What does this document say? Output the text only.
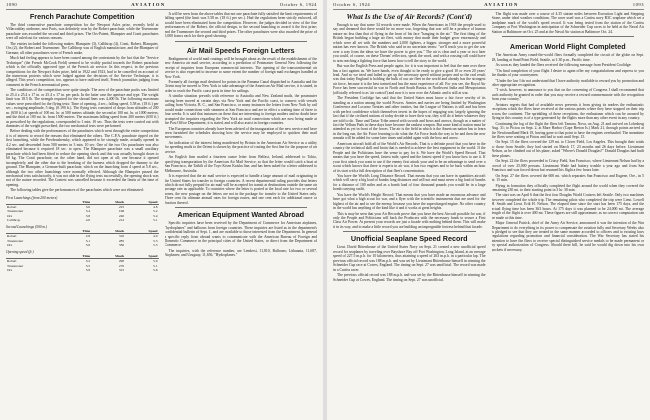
1090	AVIATION	October 6, 1924
French Parachute Competition

The third consecutive parachute competition for the Newport Asles prize, recently held at Villacoublay airdrome, near Paris, was definitely won by the Robert parachute, while the Truennoner parachute was awarded the second and third prizes. The Ors-Patent, Blanquier and Conti parachutes were all ruled out for various reasons.

The entries included the following makes: Blanquier (3), Callthrop (4), Conti, Robert, Blanquier, Ors (2), the Robert and Truennoner. The Callthrop was of English manufacture, and the Blanquier of German; all other parachutes were of French make.

Much bad feeling appears to have been caused among the contestants by the fact that the "Service Technique" (the French McCook Field) seemed to be visibly partial towards the Robert parachute which is the officially approved type of the French air service. In this respect, in the previous competitions for the Newport Asles prize, held in 1922 and 1923, had to be cancelled on account of the numerous protests which were lodged against the decisions of the Service Technique, it is alleged. This year's competition, too, appears to have outlived itself, French journalists judging from comment in the French aeronautical press.

The conditions of the competition were quite simple. The area of the parachute packs was limited to 25.4 x 25.4 x 17 in. or 25.4 x 17 in. per pack. In the latter case the aperture and type. The weight limit was 18.5 lb. The strength required for the shroud lines was 4,400 lb. The following maximum values were prescribed for the flying tests: Time of opening, 4 sec.; falling speed, 5.58 m. (18 ft.) per sec.; swinging amplitude, 5 deg. (0.190 ft.). The flying tests consisted of drops from altitudes of 200 m. (650 ft.) at speeds of 100 mi. hr. at 500 meters altitude; the second at 100 mi. hr. at 1000 meters; and the third at 100 mi. hr. from 1500 meters. The maximum falling speed from 200 meters (650 ft.) as prescribed by the regulations, corresponded to 1 min. 10 sec. Thus the tests were carried out with dummies of the weight prescribed, the two mechanical tests were performed.

Before dealing with the performances of the parachutes which went through the entire competition it is of interest to record the reasons that eliminated the others. The C.P.A. parachute ripped on the first launching, while the Preobrazhensky, which appeared to be strongly made, actually opened in 4.2 sec. and descended from 500 meters in 3 min. 10 sec. One of the two Ors parachutes was also eliminated because it required 18 sec. to open. The Blanquier parachute was a small auxiliary parachute which had been fitted to reduce the opening shock and this was actually brought down to 60 kg. The Conti parachute, on the other hand, did not open at all; one because it opened incompletely, and the other due to the breaking of the harness which dropped the dummy to the ground. The Blanquier, a German-built parachute, which on the launching from 4 speed at 5.8 sec., although the two other launchings were normally effected. Although the Blanquier passed the mechanical tests satisfactorily, it was not able in the flying tests successfully, the opening shock was not of the nature recorded. The Contest was cancelled because it exceeded the limits of the time of opening.

The following tables give the performances of the parachutes which were not eliminated:

First Launchings (from 200 meters)
	Time	Shock	Speed
Robert	3.0	225	4.8
Truennoner	3.4	198	5.2
Ors	3.8	240	5.4
Callthrop	4.0	212	5.1
Second Launchings (500 m.)
	Time	Shock	Speed
Robert	2.8	310	4.9
Truennoner	3.1	285	5.3
Ors	3.6	330	5.5
Opening speed (ft.)
	Time	Shock	Speed
Robert	3.2	290	5.0
Truennoner	3.5	270	5.1
Ors	3.9	315	5.6

It will be seen from the above tables that not one parachute fully satisfied the limit requirements of falling speed (the limit was 5.58 m. (18 ft.) per sec.). Had the regulations been strictly enforced, all would have been eliminated from the competition. However, the judges decided in view of the fine performances of the Robert, the official design, to the second launching to award it the first prize; and the Truennoner the second and third prizes. The other parachutes were also awarded the prize of 5,000 francs each for their good showing.

Air Mail Speeds Foreign Letters

Realignment of world mail routings will be brought about as the result of the establishment of the new America air mail service, according to a prediction of Postmaster General New following the receipt of inquiries from European commercial interests. The opening of the transcontinental air service is also expected to increase to some extent the number of foreign mail exchanges handled at New York.

Formerly all foreign mail destined for points in the Panama Canal dispatched to Australia and the Orient may be moved to New York to take advantage of the American Air Mail service, it is stated, in order to reach the Pacific coast ports in time for sailings.

A similar situation prevails with reference to Australia and New Zealand mails, the postmaster having been moved at certain days via New York and the Pacific coast, to connect with vessels sailing from Victoria, B. C., and San Francisco, or many instances the letters from New York by rail would make connections with steamers at San Francisco and are in effect a waiting time of three to four weeks. It is said that instances on these that are interesting to foreign mailers and no doubt have prompted the inquiries regarding the New York air mail connections which are now being made at the Post Office Department, it is stated, and will also assist in foreign countries.

The European countries already have been advised of the inauguration of the new service and have been furnished the schedules showing how the service may be employed to quicken their mail movements.

An indication of the interest being manifested by Britain in the American Air Service as a utility for speeding mails to the Orient is shown by the practice of routing the first line for the purpose of air service.

An English firm mailed a fourteen ounce letter from Belfast, Ireland, addressed to Tokio, specifying transportation by the American Air Mail Service, so that the letter would catch a boat at San Francisco, the Taibili of the Toyo Kisen Kaisha line, and has been asked for a letter addressed to Melbourne, Australia.

It is expected that the air mail service is expected to handle a large amount of mail originating in the United States for transfer to foreign countries. A recent departmental ruling provides that letters which do not fully prepaid for air mail will be accepted for transit at destinations outside the same air postage rate as applicable. To countries where the letter is posted at the local rate for two or several zones, the new postage on the letters are not in the package for transfer to the United States only. Three cent fix ultimate airmail rates for foreign routes, and one cent each for additional ounce or fraction thereof.

American Equipment Wanted Abroad

Specific inquiries have been received by the Department of Commerce for American airplanes, "hydroplanes" and balloons from foreign countries. These inquiries are listed as in the department's confidential bulletin of Sept. 1, and are available to those interested from the Department. In general a specific reply from abroad wants to communicate with the American Bureau of Foreign and Domestic Commerce in the principal cities of the United States, or direct from the Department of Commerce.

The inquiries, with the reference number, are Lendresi, 11,810, Balloons; Lithuania, 11,687, Airplanes; and Uruguay, 11,656, "Hydroplanes."

October 6, 1924	AVIATION	1093
What Is the Use of Air Records? (Cont'd)

Enough to say that some 34 records were made. When the Americans in 1918 the people used to say and dreamed that there would be no more war, forgetting that war will be a produce of human nature no less than that of flying in the front of his face "hanging in the air." The first thing of the British began building a huge air fleet, with money that made their budget grow enormously and which were all set with the numbers and 2,000 fighters, a bigger, stronger and a more powerful nation has ever known. The British who said in no uncertain terms: "we'll teach you to get the war over a way from the ideas we have the power to give you." The air is clear and a year or two later you could, of course, on these 'Dream' reflectors, speak the word, and with a rousing call could have to arm reaching a fighting force that knew how to tell the story to the world.

But was the English Press and people again, for it is was important to feel that the men over there has a fact against us. We have hands, even thought to be ready to give a good 10 or even 20 years' lead. And so we tried and failed to get up the necessary speed without proper and so the real result was that today England is holding the bulk of our air fleet in the world and already has the strongest air force, because it is the best trained and has the most experience of all. For you see, the Royal Air Force has been successful in war in North and South Russia, in Northwest India and Mesopotamia (officially referred to as 'air control') and now it is now over the Atlantic and is still at war.

The President Coolidge has said that the United States must know a fair force worthy of its standing as a nation among the world Powers. Armies and navies are being limited by Washington Conference and Locarno Treaties and other treaties, but the League of Nations is still and has been with perfect confidence which themselves invest in the hopes of engaging war, largely ignoring the fact that if the civilized nations of today decide to have their war, they will do it better whatever they are told to do. Time and Tartar Tribe armed with swords and bows and arrows, though as a matter of fact the Vellum Pads in these days have become the rankest weapon. But some kind of nation must be attended as yet in front of the forces. The air is the field in which is the American nation has to learn in the long run, the Air Force learning to do what the Air Force leads the way to be and then the new armada will be added for some later times and added again with the bow and arrow.

American aircraft hold all of the World's Air Records. That is a definite proof that you have in the country the technical skill and brain that is needed to achieve the best equipment in the world. If the People and the Politicians have the sense to pay for it. We have the World's Speed Record. That means that you have the speed, fastest mile, speed and the fastest speed if you know how to use it. If your first attack you want to use if the enemy first attack your and to be an advantage to send over a scout which knows that there is experts in air war, it has two engines and to be back within an hour of its start with a full description of that fleet's concentration.

You have the World's Long Distance Record. That means that you can have in quantities aircraft which will carry a big load of bombs long distances and will not and must never a big load of bombs for a distance of 100 miles and as a bomb load of four thousand pounds you would be in a large bomb carrying outfit.

You have the World's Height Record. That means that you have made an enormous advance and have got what a high scout for war, and a flyer with the scientific instruments that are used for the highest of the air and to see the enemy, because you have the supercharged engine. No other country in the world has anything of the kind like it and it works at great heights.

This is may be seen that your Air Records prove that you have the best Aircraft possible for war, if only the People and Politicians will back the Producers with the necessary funds to secure a First Class Air Power. At present your records are just a facade with nothing behind them. This will make it in its way, and to make a little record you are building an impregnable fortress behind that facade.

Unofficial Seaplane Speed Record

Lieut. David Rittenhouse of the United States Navy on Sept. 21 created a new unofficial speed record for seaplanes by traveling over Bayshore Bay off Port Washington, Long Island, at an average speed of 227.5 m.p.h. for 10 kilometers, thus attaining a speed of 263 m.p.h. in a particular lap. The previous official record was 188 m.p.h. and was set by Lieutenant Rittenhouse himself in winning the Schneider Cup race at Cowes, England. The timing on Sept. 27 was unofficial. The record was made in a Curtiss racer.

The previous official record was 188 m.p.h. and was set by the Rittenhouse himself in winning the Schneider Cup at Cowes, England. The timing on Sept. 27 was unofficial.

The flight was made over a course of 4.35 statute miles between Execution Light and Stepping Stone, under ideal weather conditions. The racer used was a Curtiss navy R3C seaplane which set a landplane mark of the world's speed record. It was being tested from the station of the Curtiss Company at Port Washington in anticipation of the Schneider Cup races to be held at the Naval Air Station at Baltimore on Oct. 25 and at the Naval Air station at Baltimore Oct. 24.

American World Flight Completed

The American Army round-the-world fliers formally completed the circuit of the globe on Sept. 28, landing at Sand Point Field, Seattle, at 1:30 p.m., Pacific time.

As soon as they landed the fliers received the following message from President Coolidge:

"On final completion of your flight I desire to again offer my congratulations and express to you the thanks of your countrymen.

"Under the law I do not understand that I have authority available to reward you by promotion and other appropriate recognition.

"I wish, however, to announce to you that on the convening of Congress I shall recommend that such authority be granted in order that you may receive a reward commensurate with the recognition from your country."

Aviators regrets that had of available news prevents it from giving its readers the enthusiastic receptions which the fliers have received at the various points where they have stopped on their trip across the continent. The sprinkling of these receptions, the enthusiasm which can be aroused by flying in this country is of a type generated by the flights more than any other event in any country.

Continuing the log of the flight the fliers left Tamara, Nova, on Aug. 21 and arrived on Lohrsberg Aug. 31; to Pictou on Sept. 2, at Mare Harbor (Cape Breton Is.) Mark 21, through points arrived at the Newfoundland Mark 18, having gone to that point to have the engines overhauled. The meantime the fliers were waiting at Pictou and had to wait until Sept. 15.

On Sept. 15 the fliers covered the 129 mi. to Clover Field, Los Angeles. This brought their totals to those from Seattle, they had started on March 17, 23 months and 26 days before. Lieutenant Nelson, as he climbed out of his plane, asked "Where's Donald Douglas?" Donald Douglas had built these planes.

On Sept. 22 the fliers proceeded to Crissy Field, San Francisco, where Lieutenant Nelson had by a crowd of over 25,000 persons. Lieutenant Wade had battery trouble a year ago and from San Francisco and was forced down but resumed his flight a few hours later.

On Sept. 27 the fliers covered the 600 mi. which separates San Francisco and Eugene, Ore., in 5 hr. 15 min.

Flying in formation they officially completed the flight around the world when they covered the remaining 230 mi. to their starting point in 3 hr. 30 min.

The start was on April 6 that the first four Douglas World Cruisers left Seattle. Only two machines however completed the whole trip. The remaining pilots who completed the trip were Lieut. Lowell H. Smith and Lieut. Erik H. Nelson. The elapsed time since the start has been 175 days, and the actual flying time has been 363 hours. At 175 days it was planned to be 24,000 mi. The average length of the flight is over 400 mi. These figures are still approximate, as no correct computation can be made at this time.

Major General Patrick, chief of the Army Air Service, announced it was the intention of the War Department to do everything in its power to compensate the aviation fully and Secretary Weeks also is pledged to see that they are treated in the same manner accorded to officers and to existing laws regulations regarding promotion and financial consideration. The War Secretary has stated his intention to have the fliers to receive special distinguished service medals to be made permanent or by special authorization of Congress. Should there bill, he said he would dig down into his own pockets if necessary.
